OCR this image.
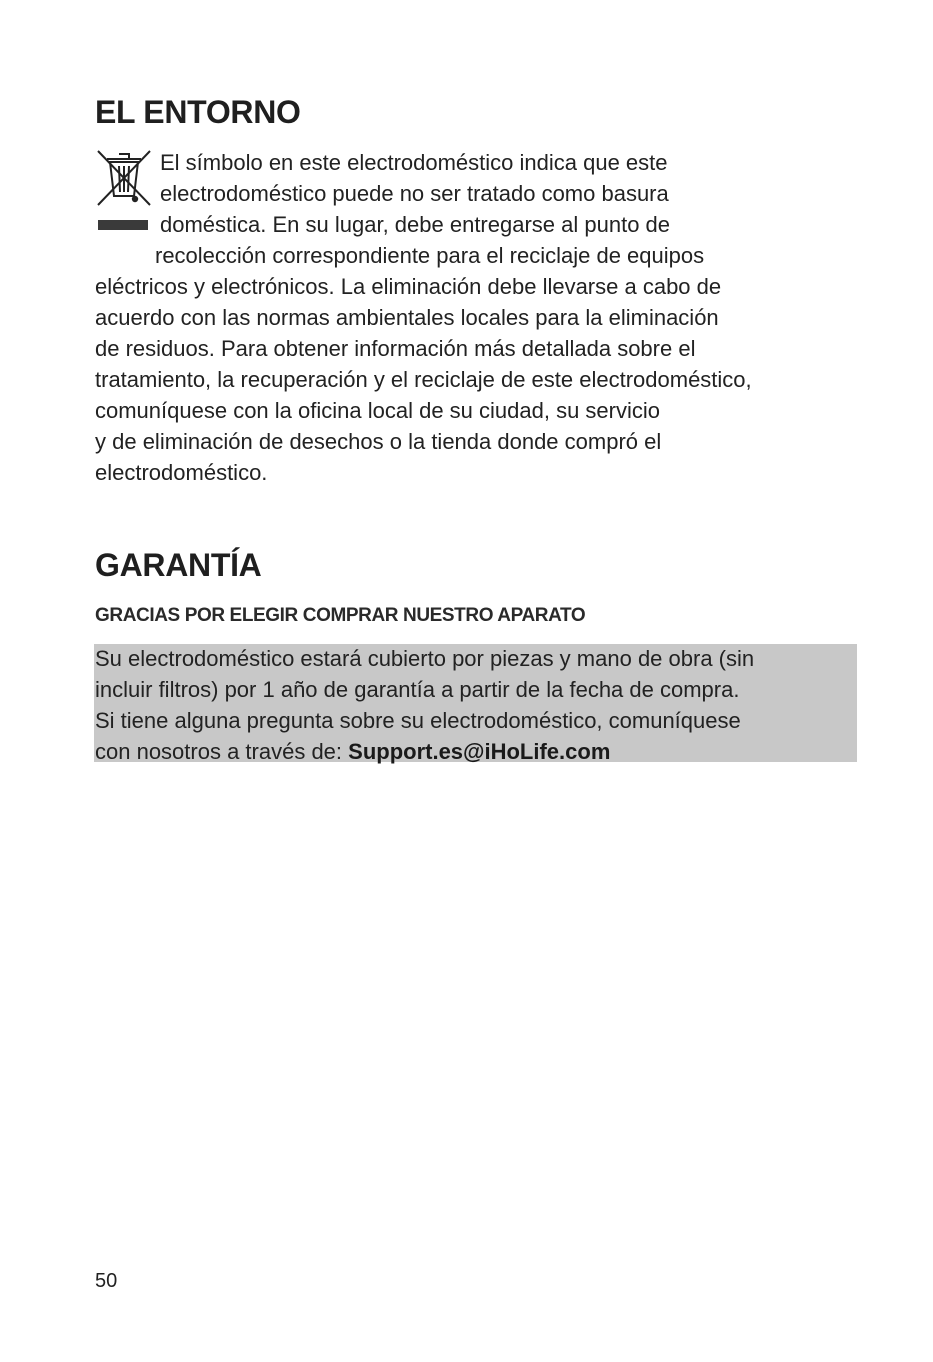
EL ENTORNO

El símbolo en este electrodoméstico indica que este

electrodoméstico puede no ser tratado como basura

doméstica. En su lugar, debe entregarse al punto de

recolección correspondiente para el reciclaje de equipos

eléctricos y electrónicos. La eliminación debe llevarse a cabo de

acuerdo con las normas ambientales locales para la eliminación

de residuos. Para obtener información más detallada sobre el

tratamiento, la recuperación y el reciclaje de este electrodoméstico,

comuníquese con la oficina local de su ciudad, su servicio

y de eliminación de desechos o la tienda donde compró el

electrodoméstico.

GARANTÍA

GRACIAS POR ELEGIR COMPRAR NUESTRO APARATO

Su electrodoméstico estará cubierto por piezas y mano de obra (sin

incluir filtros) por 1 año de garantía a partir de la fecha de compra.

Si tiene alguna pregunta sobre su electrodoméstico, comuníquese

con nosotros a través de: Support.es@iHoLife.com

50
